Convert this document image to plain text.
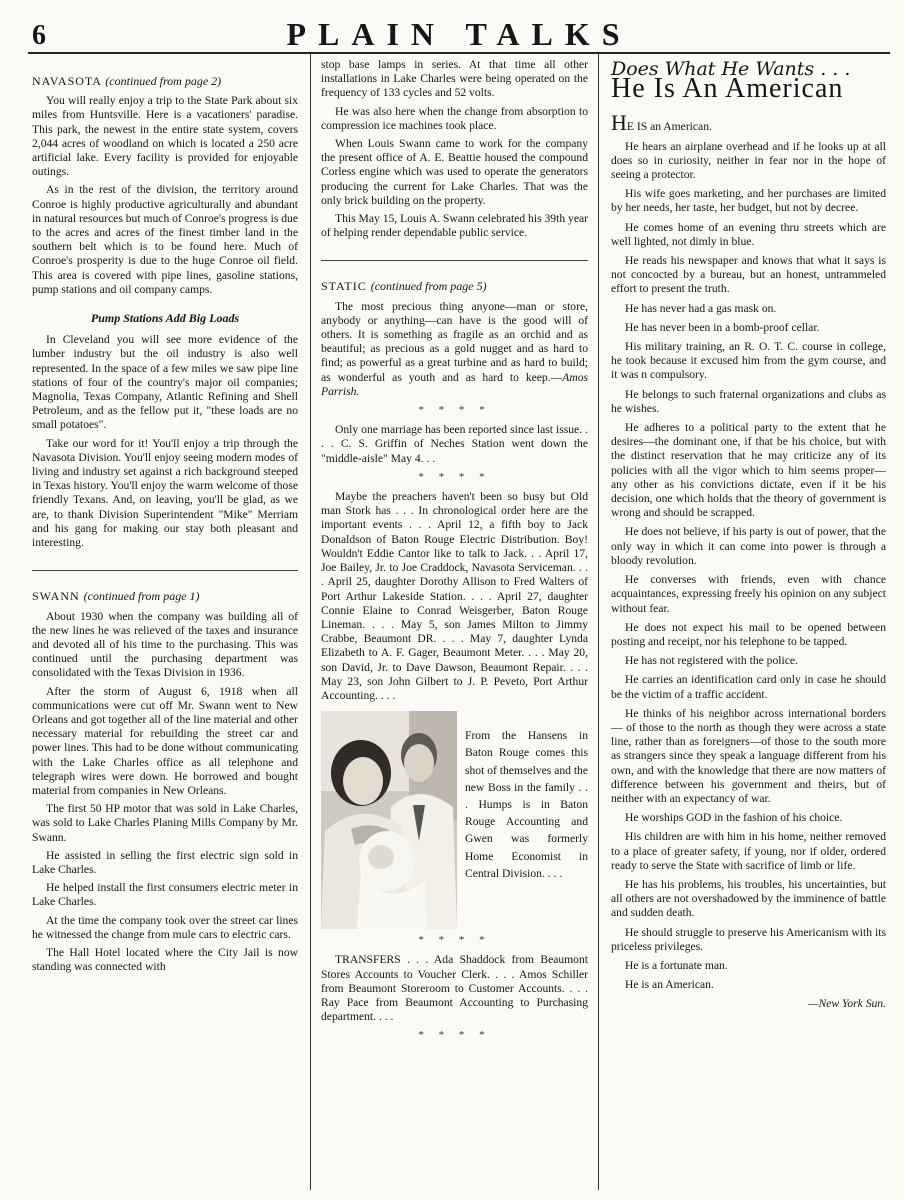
6	PLAIN TALKS
NAVASOTA (continued from page 2)

You will really enjoy a trip to the State Park about six miles from Huntsville. Here is a vacationers' paradise. This park, the newest in the entire state system, covers 2,044 acres of woodland on which is located a 250 acre artificial lake. Every facility is provided for enjoyable outings.

As in the rest of the division, the territory around Conroe is highly productive agriculturally and abundant in natural resources but much of Conroe's progress is due to the acres and acres of the finest timber land in the southern belt which is to be found here. Much of Conroe's prosperity is due to the huge Conroe oil field. This area is covered with pipe lines, gasoline stations, pump stations and oil company camps.

Pump Stations Add Big Loads

In Cleveland you will see more evidence of the lumber industry but the oil industry is also well represented. In the space of a few miles we saw pipe line stations of four of the country's major oil companies; Magnolia, Texas Company, Atlantic Refining and Shell Petroleum, and as the fellow put it, "these loads are no small potatoes".

Take our word for it! You'll enjoy a trip through the Navasota Division. You'll enjoy seeing modern modes of living and industry set against a rich background steeped in Texas history. You'll enjoy the warm welcome of those friendly Texans. And, on leaving, you'll be glad, as we are, to thank Division Superintendent "Mike" Merriam and his gang for making our stay both pleasant and interesting.

SWANN (continued from page 1)

About 1930 when the company was building all of the new lines he was relieved of the taxes and insurance and devoted all of his time to the purchasing. This was continued until the purchasing department was consolidated with the Texas Division in 1936.

After the storm of August 6, 1918 when all communications were cut off Mr. Swann went to New Orleans and got together all of the line material and other necessary material for rebuilding the street car and power lines. This had to be done without communicating with the Lake Charles office as all telephone and telegraph wires were down. He borrowed and bought material from companies in New Orleans.

The first 50 HP motor that was sold in Lake Charles, was sold to Lake Charles Planing Mills Company by Mr. Swann.

He assisted in selling the first electric sign sold in Lake Charles.

He helped install the first consumers electric meter in Lake Charles.

At the time the company took over the street car lines he witnessed the change from mule cars to electric cars.

The Hall Hotel located where the City Jail is now standing was connected with

stop base lamps in series. At that time all other installations in Lake Charles were being operated on the frequency of 133 cycles and 52 volts.

He was also here when the change from absorption to compression ice machines took place.

When Louis Swann came to work for the company the present office of A. E. Beattie housed the compound Corless engine which was used to operate the generators producing the current for Lake Charles. That was the only brick building on the property.

This May 15, Louis A. Swann celebrated his 39th year of helping render dependable public service.

STATIC (continued from page 5)

The most precious thing anyone—man or store, anybody or anything—can have is the good will of others. It is something as fragile as an orchid and as beautiful; as precious as a gold nugget and as hard to find; as powerful as a great turbine and as hard to build; as wonderful as youth and as hard to keep.—Amos Parrish.

* * * *

Only one marriage has been reported since last issue. . . . C. S. Griffin of Neches Station went down the "middle-aisle" May 4. . .

* * * *

Maybe the preachers haven't been so busy but Old man Stork has . . . In chronological order here are the important events . . . April 12, a fifth boy to Jack Donaldson of Baton Rouge Electric Distribution. Boy! Wouldn't Eddie Cantor like to talk to Jack. . . April 17, Joe Bailey, Jr. to Joe Craddock, Navasota Serviceman. . . . April 25, daughter Dorothy Allison to Fred Walters of Port Arthur Lakeside Station. . . . April 27, daughter Connie Elaine to Conrad Weisgerber, Baton Rouge Lineman. . . . May 5, son James Milton to Jimmy Crabbe, Beaumont DR. . . . May 7, daughter Lynda Elizabeth to A. F. Gager, Beaumont Meter. . . . May 20, son David, Jr. to Dave Dawson, Beaumont Repair. . . . May 23, son John Gilbert to J. P. Peveto, Port Arthur Accounting. . . .

From the Hansens in Baton Rouge comes this shot of themselves and the new Boss in the family . . . Humps is in Baton Rouge Accounting and Gwen was formerly Home Economist in Central Division. . . .
* * * *

TRANSFERS . . . Ada Shaddock from Beaumont Stores Accounts to Voucher Clerk. . . . Amos Schiller from Beaumont Storeroom to Customer Accounts. . . . Ray Pace from Beaumont Accounting to Purchasing department. . . .

* * * *
Does What He Wants . . .
He Is An American

HE IS an American.

He hears an airplane overhead and if he looks up at all does so in curiosity, neither in fear nor in the hope of seeing a protector.

His wife goes marketing, and her purchases are limited by her needs, her taste, her budget, but not by decree.

He comes home of an evening thru streets which are well lighted, not dimly in blue.

He reads his newspaper and knows that what it says is not concocted by a bureau, but an honest, untrammeled effort to present the truth.

He has never had a gas mask on.

He has never been in a bomb-proof cellar.

His military training, an R. O. T. C. course in college, he took because it excused him from the gym course, and it was n compulsory.

He belongs to such fraternal organizations and clubs as he wishes.

He adheres to a political party to the extent that he desires—the dominant one, if that be his choice, but with the distinct reservation that he may criticize any of its policies with all the vigor which to him seems proper—any other as his convictions dictate, even if it be his decision, one which holds that the theory of government is wrong and should be scrapped.

He does not believe, if his party is out of power, that the only way in which it can come into power is through a bloody revolution.

He converses with friends, even with chance acquaintances, expressing freely his opinion on any subject without fear.

He does not expect his mail to be opened between posting and receipt, nor his telephone to be tapped.

He has not registered with the police.

He carries an identification card only in case he should be the victim of a traffic accident.

He thinks of his neighbor across international borders — of those to the north as though they were across a state line, rather than as foreigners—of those to the south more as strangers since they speak a language different from his own, and with the knowledge that there are now matters of difference between his government and theirs, but of neither with an expectancy of war.

He worships GOD in the fashion of his choice.

His children are with him in his home, neither removed to a place of greater safety, if young, nor if older, ordered ready to serve the State with sacrifice of limb or life.

He has his problems, his troubles, his uncertainties, but all others are not overshadowed by the imminence of battle and sudden death.

He should struggle to preserve his Americanism with its priceless privileges.

He is a fortunate man.

He is an American.

—New York Sun.
